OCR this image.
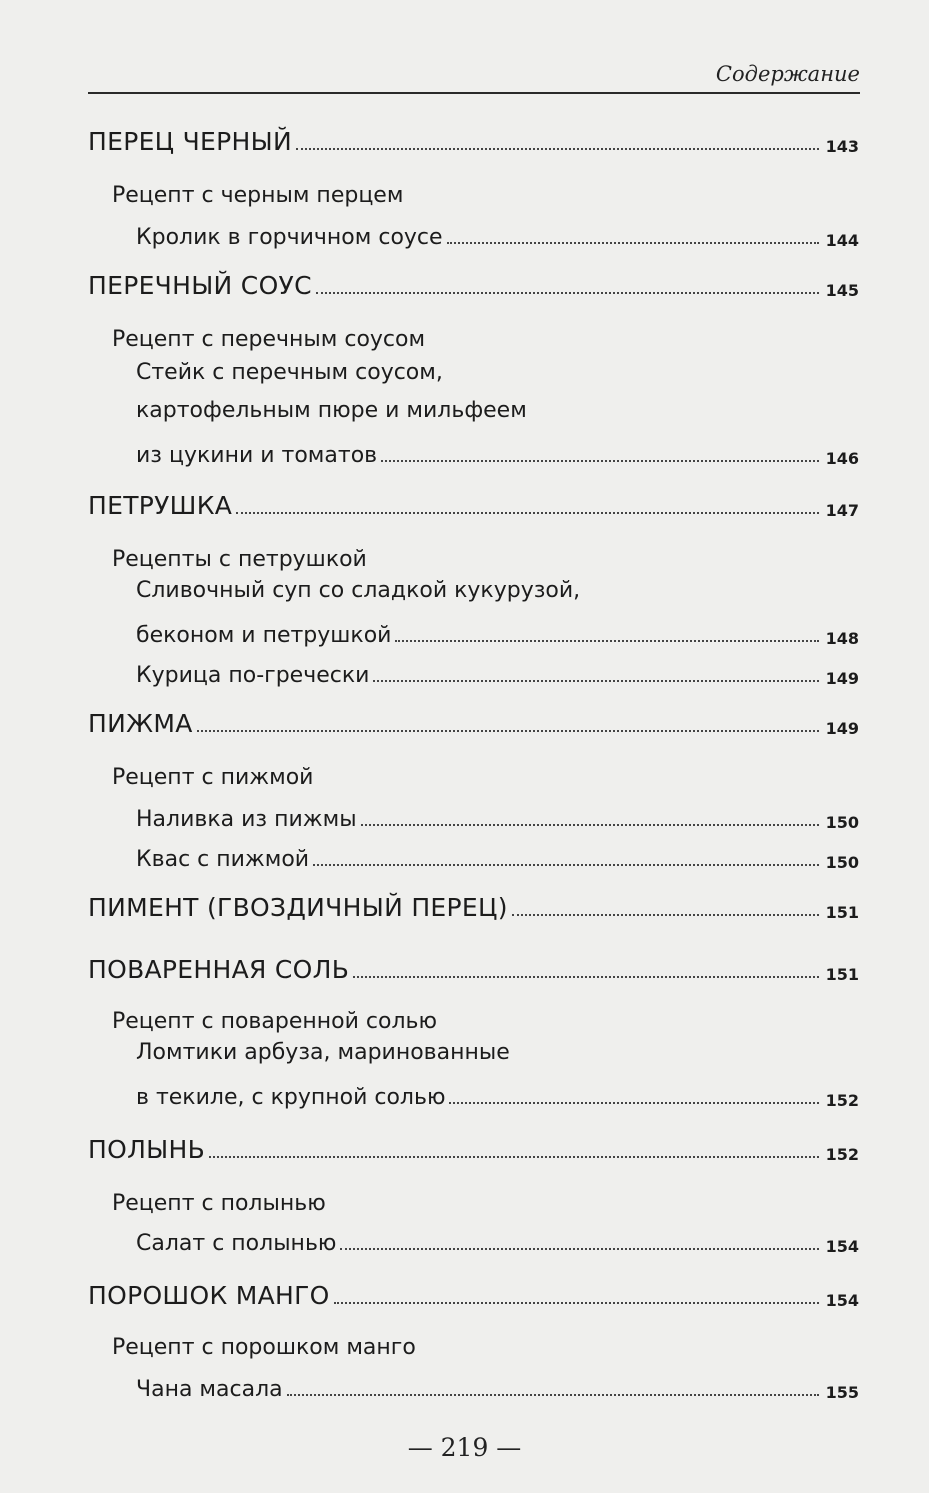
Содержание
ПЕРЕЦ ЧЕРНЫЙ	143
Рецепт с черным перцем
Кролик в горчичном соусе	144
ПЕРЕЧНЫЙ СОУС	145
Рецепт с перечным соусом
Стейк с перечным соусом,
картофельным пюре и мильфеем
из цукини и томатов	146
ПЕТРУШКА	147
Рецепты с петрушкой
Сливочный суп со сладкой кукурузой,
беконом и петрушкой	148
Курица по-гречески	149
ПИЖМА	149
Рецепт с пижмой
Наливка из пижмы	150
Квас с пижмой	150
ПИМЕНТ (ГВОЗДИЧНЫЙ ПЕРЕЦ)	151
ПОВАРЕННАЯ СОЛЬ	151
Рецепт с поваренной солью
Ломтики арбуза, маринованные
в текиле, с крупной солью	152
ПОЛЫНЬ	152
Рецепт с полынью
Салат с полынью	154
ПОРОШОК МАНГО	154
Рецепт с порошком манго
Чана масала	155
— 219 —
